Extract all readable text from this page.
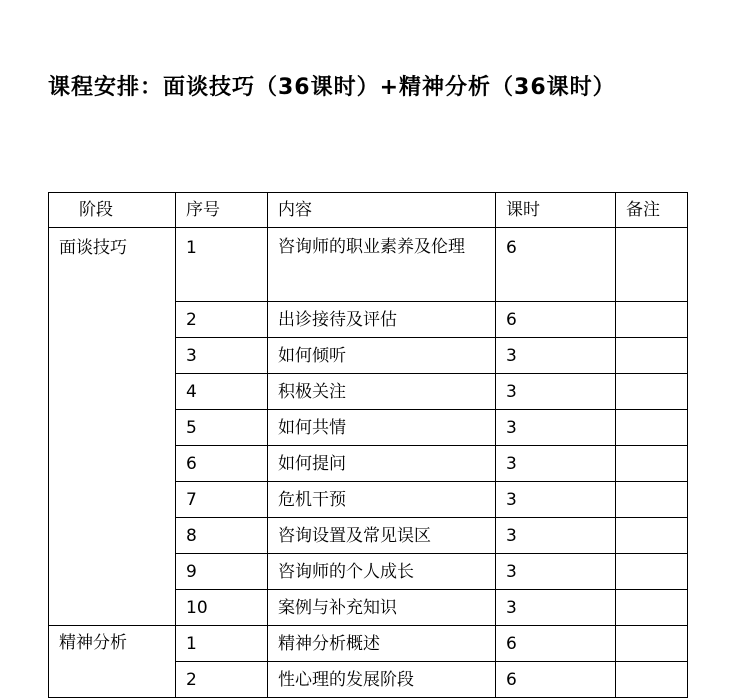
课程安排：面谈技巧（36课时）+精神分析（36课时）
阶段	序号	内容	课时	备注
面谈技巧	1	咨询师的职业素养及伦理	6	
	2	出诊接待及评估	6	
	3	如何倾听	3	
	4	积极关注	3	
	5	如何共情	3	
	6	如何提问	3	
	7	危机干预	3	
	8	咨询设置及常见误区	3	
	9	咨询师的个人成长	3	
	10	案例与补充知识	3	
精神分析	1	精神分析概述	6	
	2	性心理的发展阶段	6	
